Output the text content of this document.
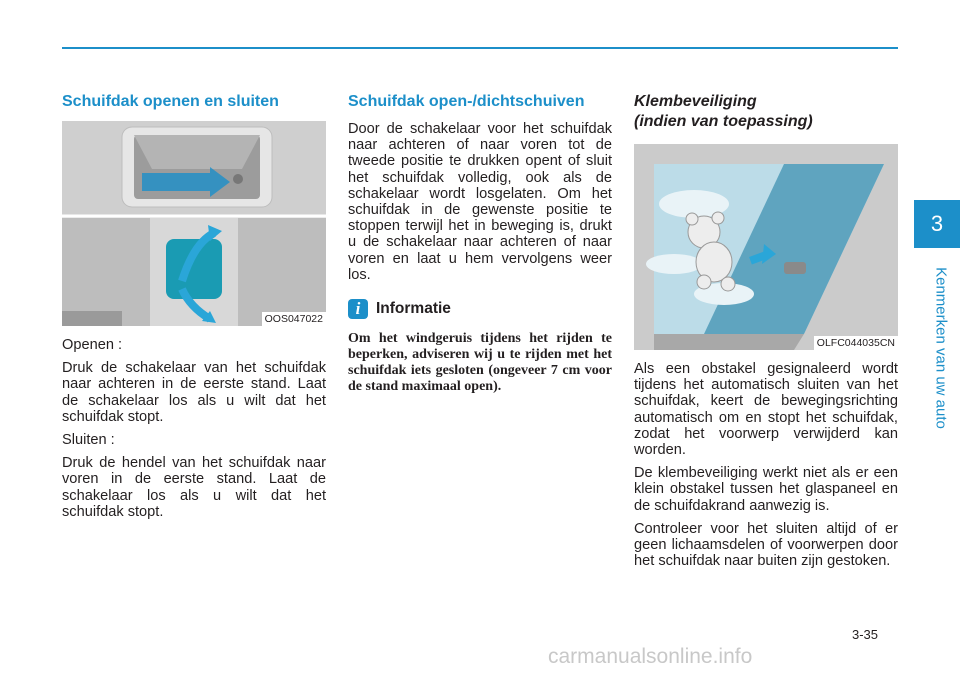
Schuifdak openen en sluiten
OOS047022

Openen :

Druk de schakelaar van het schuifdak naar achteren in de eerste stand. Laat de schakelaar los als u wilt dat het schuifdak stopt.

Sluiten :

Druk de hendel van het schuifdak naar voren in de eerste stand. Laat de schakelaar los als u wilt dat het schuifdak stopt.

Schuifdak open-/dichtschuiven

Door de schakelaar voor het schuifdak naar achteren of naar voren tot de tweede positie te drukken opent of sluit het schuifdak volledig, ook als de schakelaar wordt losgelaten. Om het schuifdak in de gewenste positie te stoppen terwijl het in beweging is, drukt u de schakelaar naar achteren of naar voren en laat u hem vervolgens weer los.

i	Informatie

Om het windgeruis tijdens het rijden te beperken, adviseren wij u te rijden met het schuifdak iets gesloten (ongeveer 7 cm voor de stand maximaal open).

Klembeveiliging
(indien van toepassing)
OLFC044035CN

Als een obstakel gesignaleerd wordt tijdens het automatisch sluiten van het schuifdak, keert de bewegingsrichting automatisch om en stopt het schuifdak, zodat het voorwerp verwijderd kan worden.

De klembeveiliging werkt niet als er een klein obstakel tussen het glaspaneel en de schuifdakrand aanwezig is.

Controleer voor het sluiten altijd of er geen lichaamsdelen of voorwerpen door het schuifdak naar buiten zijn gestoken.

3
Kenmerken van uw auto
3-35
carmanualsonline.info
